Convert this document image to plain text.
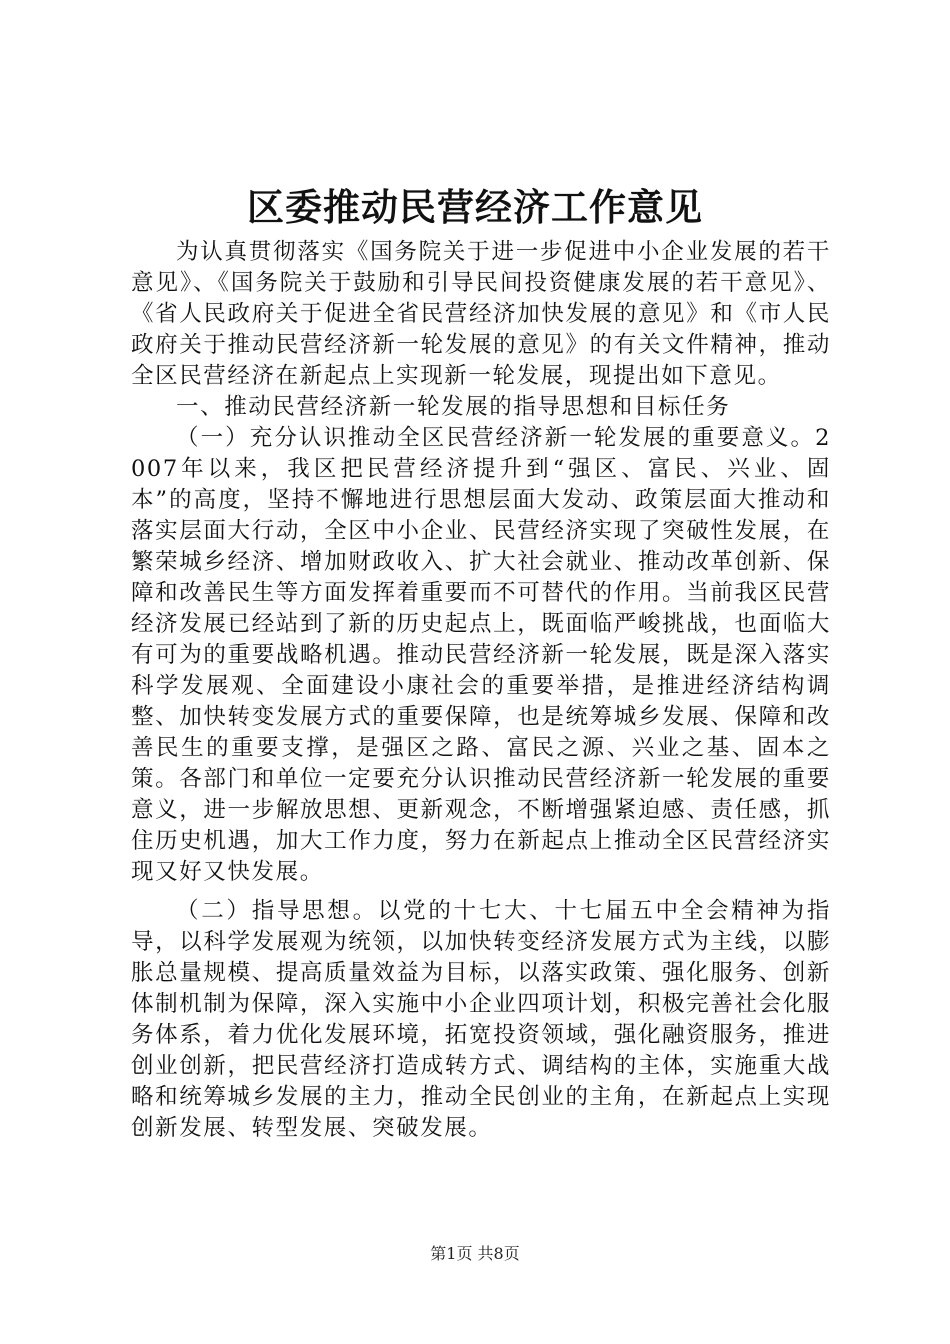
区委推动民营经济工作意见

为认真贯彻落实《国务院关于进一步促进中小企业发展的若干意见》、《国务院关于鼓励和引导民间投资健康发展的若干意见》、《省人民政府关于促进全省民营经济加快发展的意见》和《市人民政府关于推动民营经济新一轮发展的意见》的有关文件精神，推动全区民营经济在新起点上实现新一轮发展，现提出如下意见。

一、推动民营经济新一轮发展的指导思想和目标任务

（一）充分认识推动全区民营经济新一轮发展的重要意义。2007年以来，我区把民营经济提升到“强区、富民、兴业、固本”的高度，坚持不懈地进行思想层面大发动、政策层面大推动和落实层面大行动，全区中小企业、民营经济实现了突破性发展，在繁荣城乡经济、增加财政收入、扩大社会就业、推动改革创新、保障和改善民生等方面发挥着重要而不可替代的作用。当前我区民营经济发展已经站到了新的历史起点上，既面临严峻挑战，也面临大有可为的重要战略机遇。推动民营经济新一轮发展，既是深入落实科学发展观、全面建设小康社会的重要举措，是推进经济结构调整、加快转变发展方式的重要保障，也是统筹城乡发展、保障和改善民生的重要支撑，是强区之路、富民之源、兴业之基、固本之策。各部门和单位一定要充分认识推动民营经济新一轮发展的重要意义，进一步解放思想、更新观念，不断增强紧迫感、责任感，抓住历史机遇，加大工作力度，努力在新起点上推动全区民营经济实现又好又快发展。

（二）指导思想。以党的十七大、十七届五中全会精神为指导，以科学发展观为统领，以加快转变经济发展方式为主线，以膨胀总量规模、提高质量效益为目标，以落实政策、强化服务、创新体制机制为保障，深入实施中小企业四项计划，积极完善社会化服务体系，着力优化发展环境，拓宽投资领域，强化融资服务，推进创业创新，把民营经济打造成转方式、调结构的主体，实施重大战略和统筹城乡发展的主力，推动全民创业的主角，在新起点上实现创新发展、转型发展、突破发展。

第1页 共8页
